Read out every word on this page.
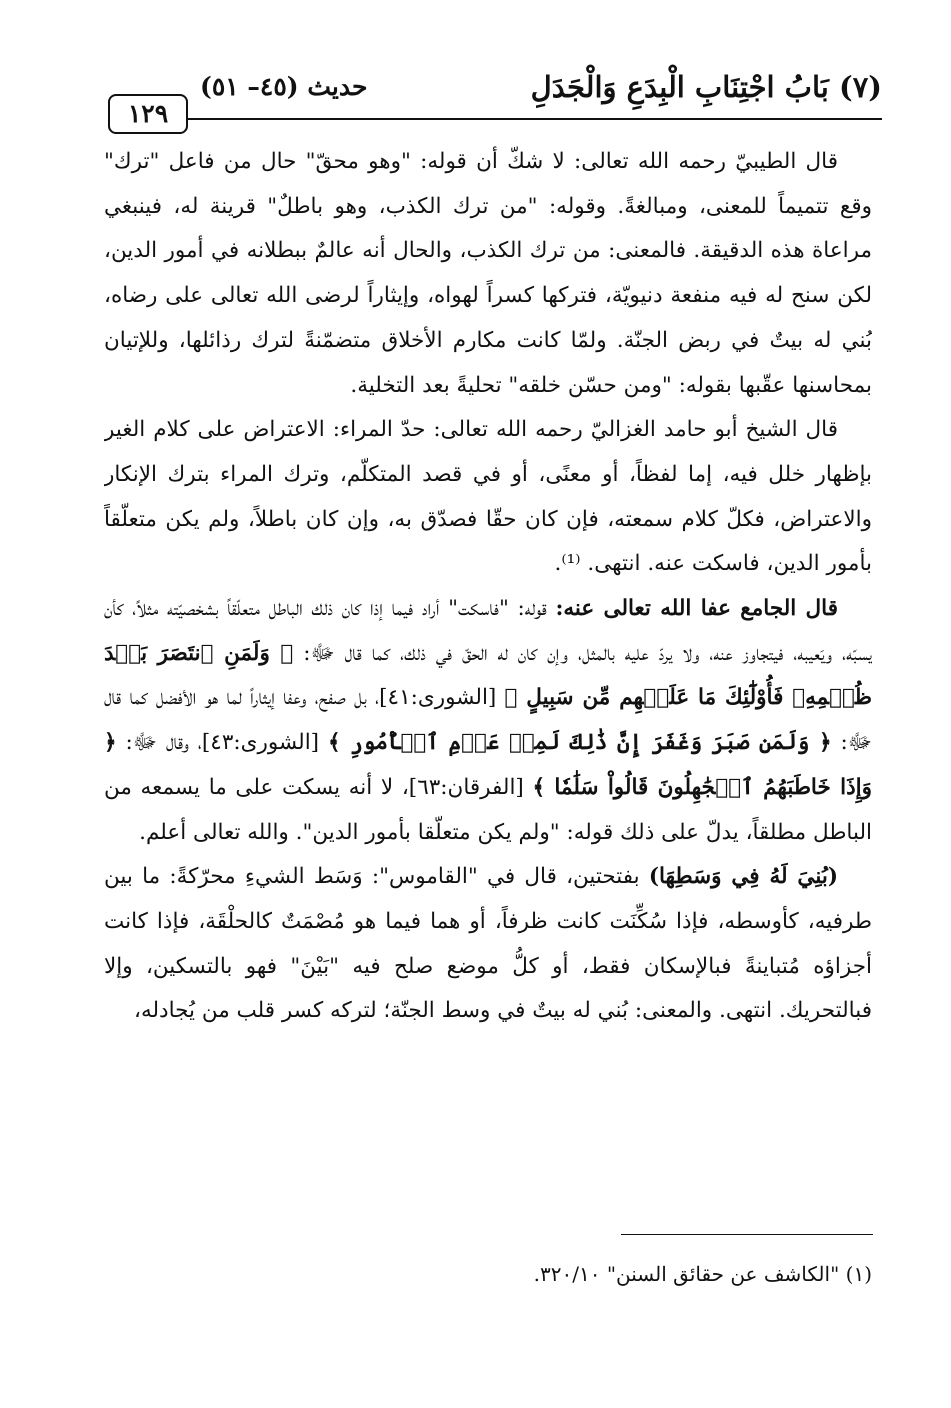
(٧) بَابُ اجْتِنَابِ الْبِدَعِ وَالْجَدَلِ
حديث (٤٥– ٥١)
١٢٩

قال الطيبيّ رحمه الله تعالى: لا شكّ أن قوله: "وهو محقّ" حال من فاعل "ترك" وقع تتميماً للمعنى، ومبالغةً. وقوله: "من ترك الكذب، وهو باطلٌ" قرينة له، فينبغي مراعاة هذه الدقيقة. فالمعنى: من ترك الكذب، والحال أنه عالمٌ ببطلانه في أمور الدين، لكن سنح له فيه منفعة دنيويّة، فتركها كسراً لهواه، وإيثاراً لرضى الله تعالى على رضاه، بُني له بيتٌ في ربض الجنّة. ولمّا كانت مكارم الأخلاق متضمّنةً لترك رذائلها، وللإتيان بمحاسنها عقّبها بقوله: "ومن حسّن خلقه" تحليةً بعد التخلية.

قال الشيخ أبو حامد الغزاليّ رحمه الله تعالى: حدّ المراء: الاعتراض على كلام الغير بإظهار خلل فيه، إما لفظاً، أو معنًى، أو في قصد المتكلّم، وترك المراء بترك الإنكار والاعتراض، فكلّ كلام سمعته، فإن كان حقّا فصدّق به، وإن كان باطلاً، ولم يكن متعلّقاً بأمور الدين، فاسكت عنه. انتهى. ⁽¹⁾.

قال الجامع عفا الله تعالى عنه: قوله: "فاسكت" أراد فيما إذا كان ذلك الباطل متعلّقاً بشخصيّته مثلاً، كأن يسبّه، ويَعيبه، فيتجاوز عنه، ولا يردّ عليه بالمثل، وإن كان له الحقّ في ذلك، كما قال ﷻ: ﴿ وَلَمَنِ ٱنتَصَرَ بَعۡدَ ظُلۡمِهِۦ فَأُوْلَٰٓئِكَ مَا عَلَيۡهِم مِّن سَبِيلٍ ﴾ [الشورى:٤١]، بل صفح، وعفا إيثاراً لما هو الأفضل كما قال ﷻ: ﴿ وَلَمَن صَبَرَ وَغَفَرَ إِنَّ ذَٰلِكَ لَمِنۡ عَزۡمِ ٱلۡأُمُورِ ﴾ [الشورى:٤٣]، وقال ﷻ: ﴿ وَإِذَا خَاطَبَهُمُ ٱلۡجَٰهِلُونَ قَالُواْ سَلَٰمٗا ﴾ [الفرقان:٦٣]، لا أنه يسكت على ما يسمعه من الباطل مطلقاً، يدلّ على ذلك قوله: "ولم يكن متعلّقا بأمور الدين". والله تعالى أعلم.

(بُنِيَ لَهُ فِي وَسَطِهَا) بفتحتين، قال في "القاموس": وَسَط الشيءِ محرّكةً: ما بين طرفيه، كأوسطه، فإذا سُكِّنَت كانت ظرفاً، أو هما فيما هو مُصْمَتٌ كالحلْقَة، فإذا كانت أجزاؤه مُتباينةً فبالإسكان فقط، أو كلُّ موضع صلح فيه "بَيْنَ" فهو بالتسكين، وإلا فبالتحريك. انتهى. والمعنى: بُني له بيتٌ في وسط الجنّة؛ لتركه كسر قلب من يُجادله،

(١) "الكاشف عن حقائق السنن" ٣٢٠/١٠.
